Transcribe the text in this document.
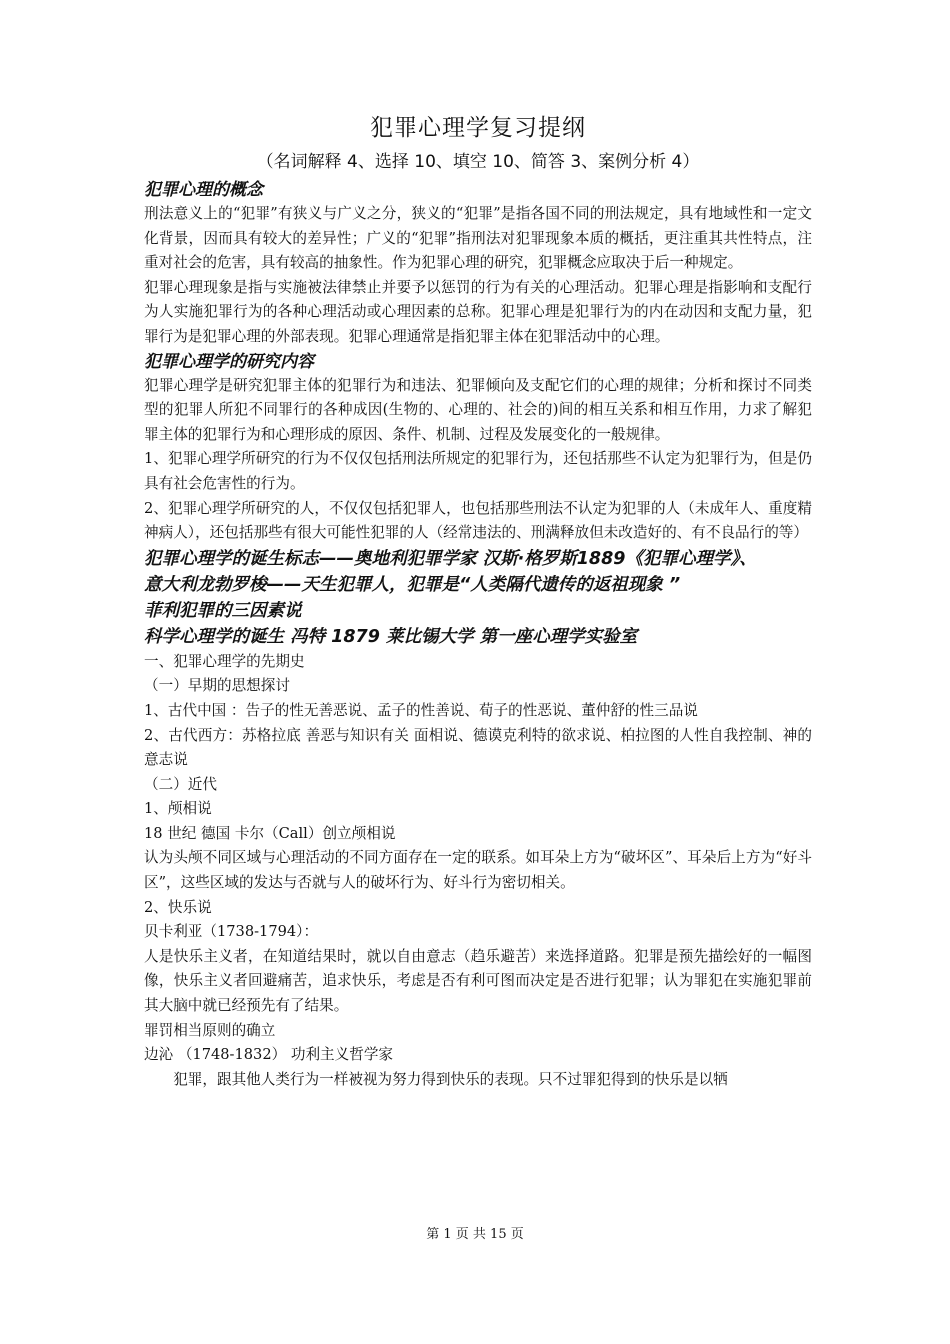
犯罪心理学复习提纲

（名词解释 4、选择 10、填空 10、简答 3、案例分析 4）

犯罪心理的概念

刑法意义上的“犯罪”有狭义与广义之分，狭义的“犯罪”是指各国不同的刑法规定，具有地域性和一定文化背景，因而具有较大的差异性；广义的“犯罪”指刑法对犯罪现象本质的概括，更注重其共性特点，注重对社会的危害，具有较高的抽象性。作为犯罪心理的研究，犯罪概念应取决于后一种规定。

犯罪心理现象是指与实施被法律禁止并要予以惩罚的行为有关的心理活动。犯罪心理是指影响和支配行为人实施犯罪行为的各种心理活动或心理因素的总称。犯罪心理是犯罪行为的内在动因和支配力量，犯罪行为是犯罪心理的外部表现。犯罪心理通常是指犯罪主体在犯罪活动中的心理。

犯罪心理学的研究内容

犯罪心理学是研究犯罪主体的犯罪行为和违法、犯罪倾向及支配它们的心理的规律；分析和探讨不同类型的犯罪人所犯不同罪行的各种成因(生物的、心理的、社会的)间的相互关系和相互作用，力求了解犯罪主体的犯罪行为和心理形成的原因、条件、机制、过程及发展变化的一般规律。

1、犯罪心理学所研究的行为不仅仅包括刑法所规定的犯罪行为，还包括那些不认定为犯罪行为，但是仍具有社会危害性的行为。

2、犯罪心理学所研究的人，不仅仅包括犯罪人，也包括那些刑法不认定为犯罪的人（未成年人、重度精神病人），还包括那些有很大可能性犯罪的人（经常违法的、刑满释放但未改造好的、有不良品行的等）

犯罪心理学的诞生标志——奥地利犯罪学家 汉斯·格罗斯1889《犯罪心理学》、

意大利龙勃罗梭——天生犯罪人，犯罪是“人类隔代遗传的返祖现象 ”

菲利犯罪的三因素说

科学心理学的诞生 冯特 1879 莱比锡大学 第一座心理学实验室

一、犯罪心理学的先期史

（一）早期的思想探讨

1、古代中国 ：告子的性无善恶说、孟子的性善说、荀子的性恶说、董仲舒的性三品说

2、古代西方：苏格拉底 善恶与知识有关 面相说、德谟克利特的欲求说、柏拉图的人性自我控制、神的意志说

（二）近代

1、颅相说

18 世纪 德国 卡尔（Call）创立颅相说

认为头颅不同区域与心理活动的不同方面存在一定的联系。如耳朵上方为“破坏区”、耳朵后上方为“好斗区”，这些区域的发达与否就与人的破坏行为、好斗行为密切相关。

2、快乐说

贝卡利亚（1738-1794）：

人是快乐主义者，在知道结果时，就以自由意志（趋乐避苦）来选择道路。犯罪是预先描绘好的一幅图像，快乐主义者回避痛苦，追求快乐，考虑是否有利可图而决定是否进行犯罪；认为罪犯在实施犯罪前其大脑中就已经预先有了结果。

罪罚相当原则的确立

边沁 （1748-1832） 功利主义哲学家

犯罪，跟其他人类行为一样被视为努力得到快乐的表现。只不过罪犯得到的快乐是以牺

第 1 页 共 15 页
